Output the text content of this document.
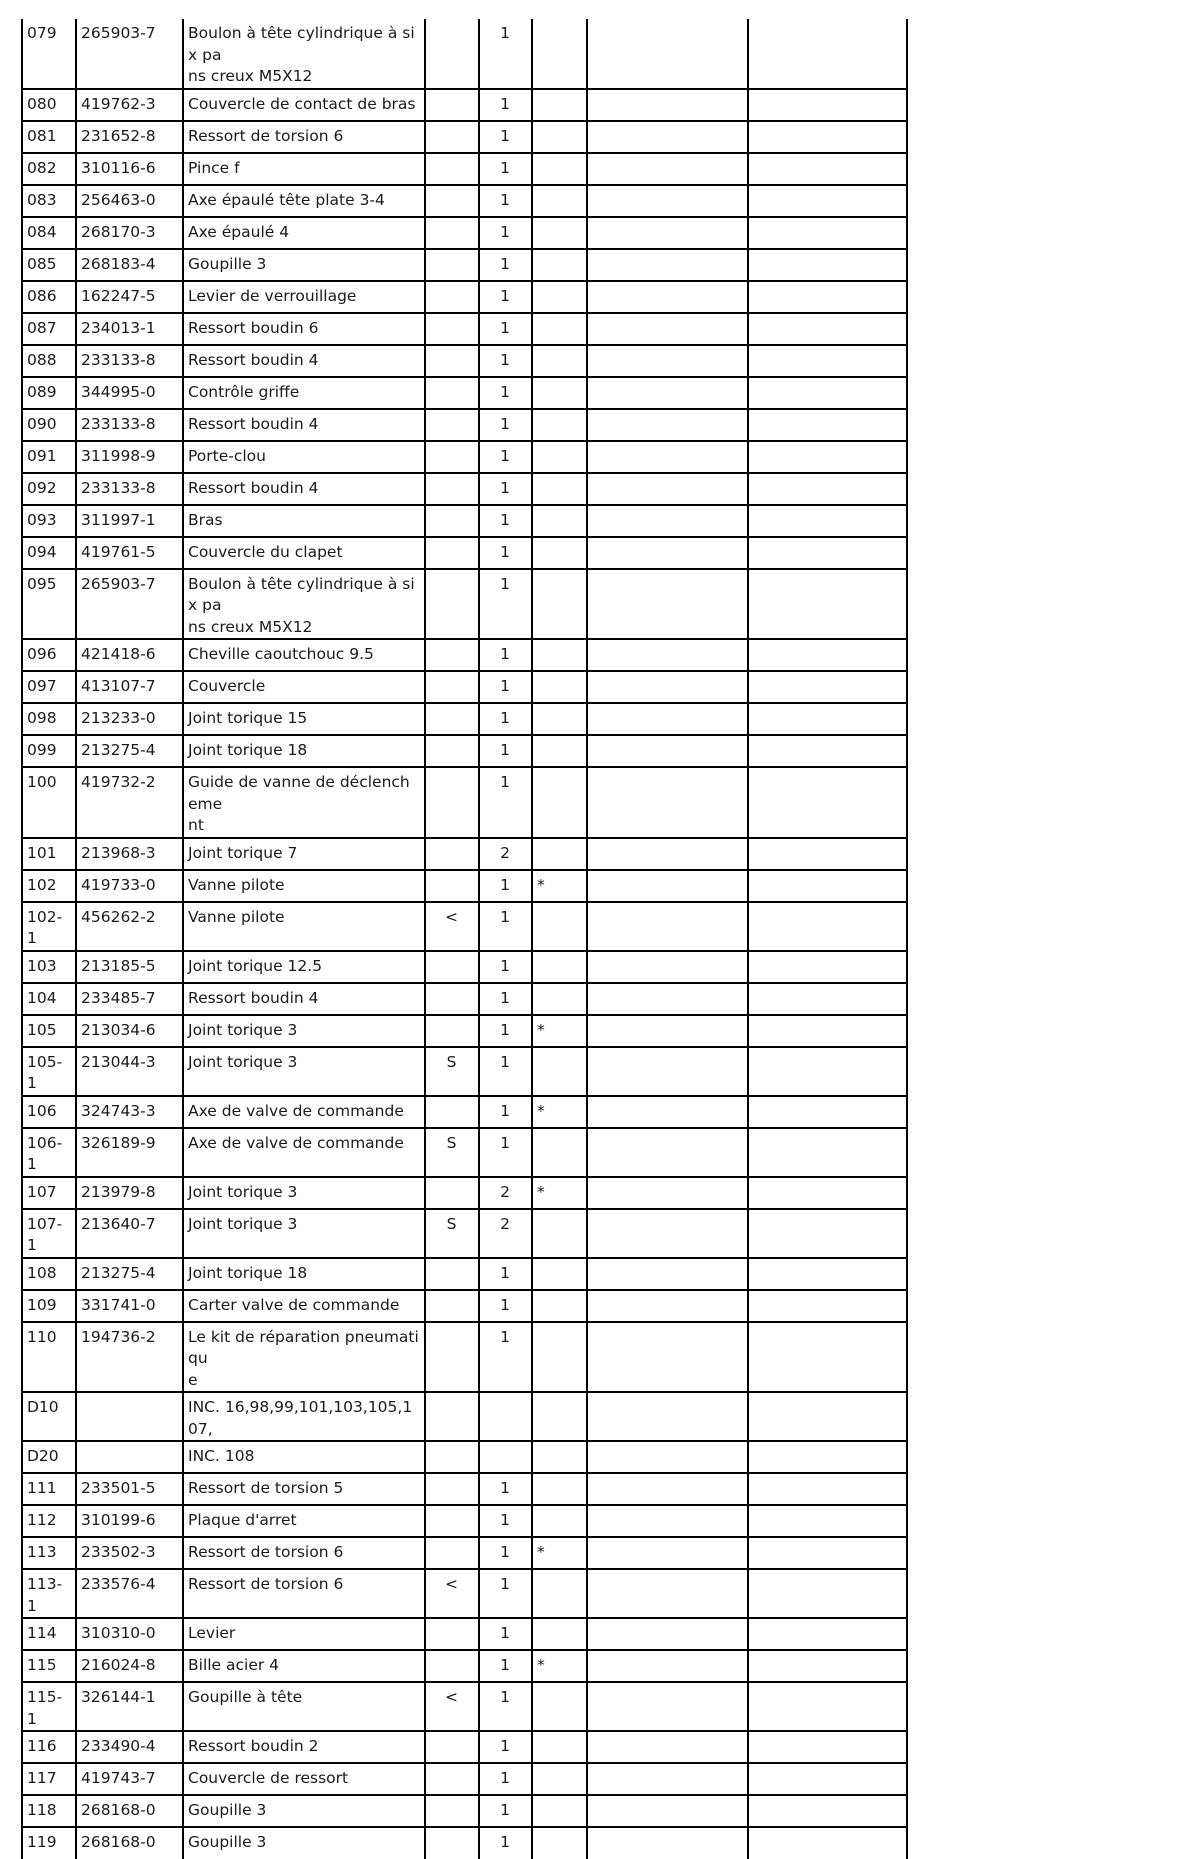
079	265903-7	Boulon à tête cylindrique à six pa
ns creux M5X12		1			
080	419762-3	Couvercle de contact de bras		1			
081	231652-8	Ressort de torsion 6		1			
082	310116-6	Pince f		1			
083	256463-0	Axe épaulé tête plate 3-4		1			
084	268170-3	Axe épaulé 4		1			
085	268183-4	Goupille 3		1			
086	162247-5	Levier de verrouillage		1			
087	234013-1	Ressort boudin 6		1			
088	233133-8	Ressort boudin 4		1			
089	344995-0	Contrôle griffe		1			
090	233133-8	Ressort boudin 4		1			
091	311998-9	Porte-clou		1			
092	233133-8	Ressort boudin 4		1			
093	311997-1	Bras		1			
094	419761-5	Couvercle du clapet		1			
095	265903-7	Boulon à tête cylindrique à six pa
ns creux M5X12		1			
096	421418-6	Cheville caoutchouc 9.5		1			
097	413107-7	Couvercle		1			
098	213233-0	Joint torique 15		1			
099	213275-4	Joint torique 18		1			
100	419732-2	Guide de vanne de déclencheme
nt		1			
101	213968-3	Joint torique 7		2			
102	419733-0	Vanne pilote		1	*		
102-1	456262-2	Vanne pilote	<	1			
103	213185-5	Joint torique 12.5		1			
104	233485-7	Ressort boudin 4		1			
105	213034-6	Joint torique 3		1	*		
105-1	213044-3	Joint torique 3	S	1			
106	324743-3	Axe de valve de commande		1	*		
106-1	326189-9	Axe de valve de commande	S	1			
107	213979-8	Joint torique 3		2	*		
107-1	213640-7	Joint torique 3	S	2			
108	213275-4	Joint torique 18		1			
109	331741-0	Carter valve de commande		1			
110	194736-2	Le kit de réparation pneumatiqu
e		1			
D10		INC. 16,98,99,101,103,105,107,					
D20		INC. 108					
111	233501-5	Ressort de torsion 5		1			
112	310199-6	Plaque d'arret		1			
113	233502-3	Ressort de torsion 6		1	*		
113-1	233576-4	Ressort de torsion 6	<	1			
114	310310-0	Levier		1			
115	216024-8	Bille acier 4		1	*		
115-1	326144-1	Goupille à tête	<	1			
116	233490-4	Ressort boudin 2		1			
117	419743-7	Couvercle de ressort		1			
118	268168-0	Goupille 3		1			
119	268168-0	Goupille 3		1			
